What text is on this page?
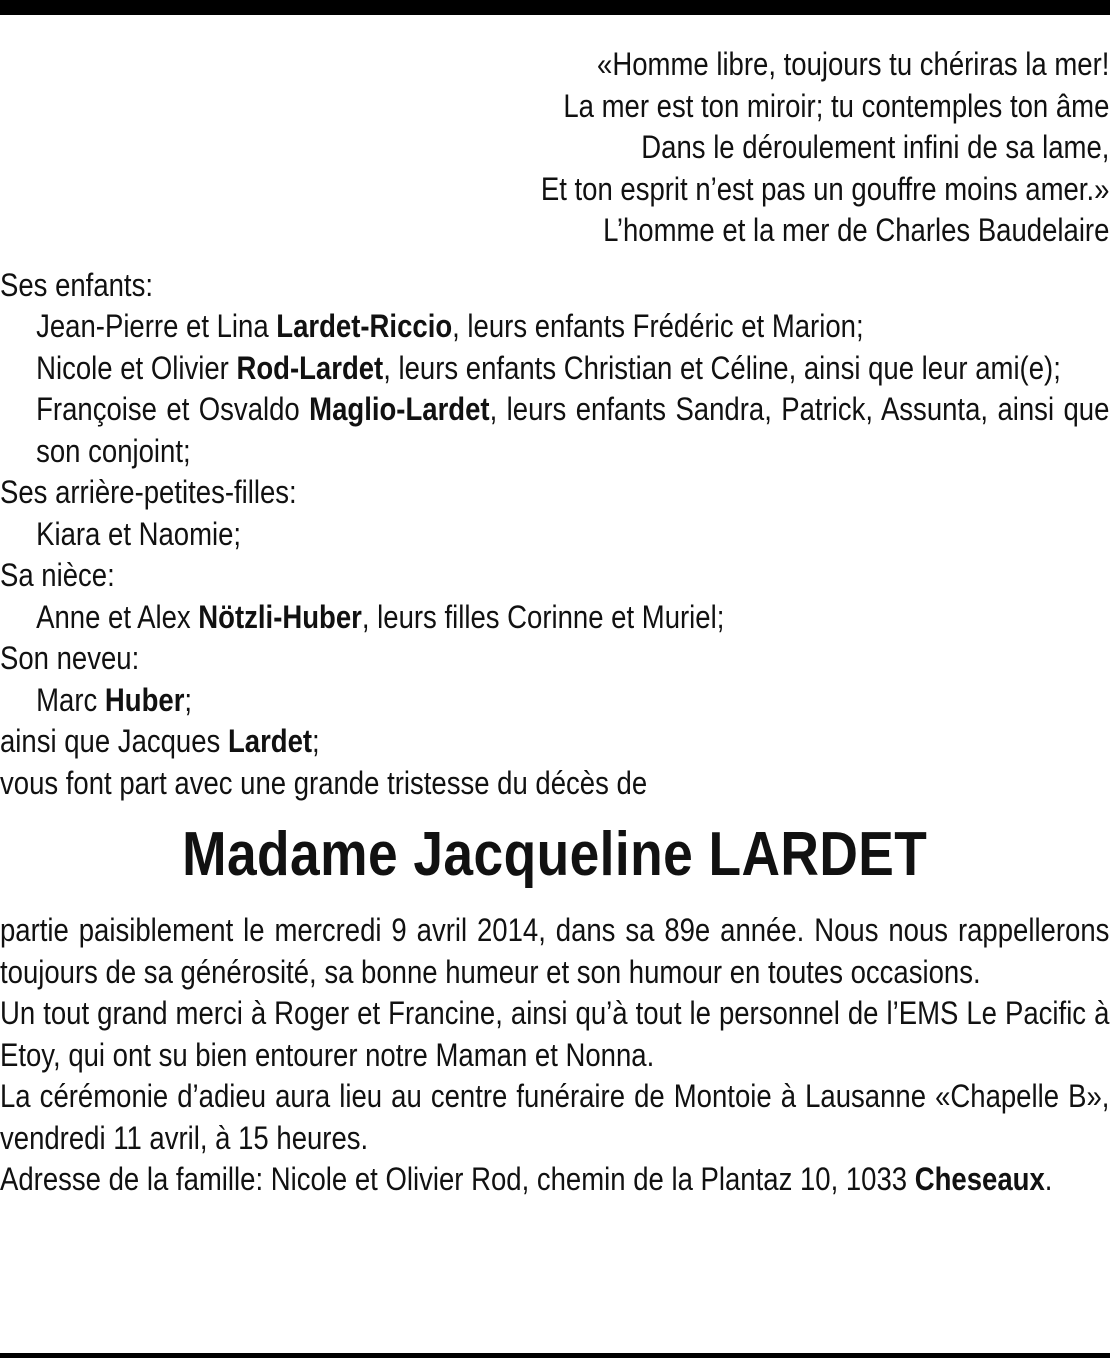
«Homme libre, toujours tu chériras la mer!
La mer est ton miroir; tu contemples ton âme
Dans le déroulement infini de sa lame,
Et ton esprit n’est pas un gouffre moins amer.»
L’homme et la mer de Charles Baudelaire
Ses enfants:
Jean-Pierre et Lina Lardet-Riccio, leurs enfants Frédéric et Marion;
Nicole et Olivier Rod-Lardet, leurs enfants Christian et Céline, ainsi que leur ami(e);
Françoise et Osvaldo Maglio-Lardet, leurs enfants Sandra, Patrick, Assunta, ainsi que son conjoint;
Ses arrière-petites-filles:
Kiara et Naomie;
Sa nièce:
Anne et Alex Nötzli-Huber, leurs filles Corinne et Muriel;
Son neveu:
Marc Huber;
ainsi que Jacques Lardet;
vous font part avec une grande tristesse du décès de
Madame Jacqueline LARDET
partie paisiblement le mercredi 9 avril 2014, dans sa 89e année. Nous nous rappellerons toujours de sa générosité, sa bonne humeur et son humour en toutes occasions.
Un tout grand merci à Roger et Francine, ainsi qu’à tout le personnel de l’EMS Le Pacific à Etoy, qui ont su bien entourer notre Maman et Nonna.
La cérémonie d’adieu aura lieu au centre funéraire de Montoie à Lausanne «Chapelle B», vendredi 11 avril, à 15 heures.
Adresse de la famille: Nicole et Olivier Rod, chemin de la Plantaz 10, 1033 Cheseaux.
